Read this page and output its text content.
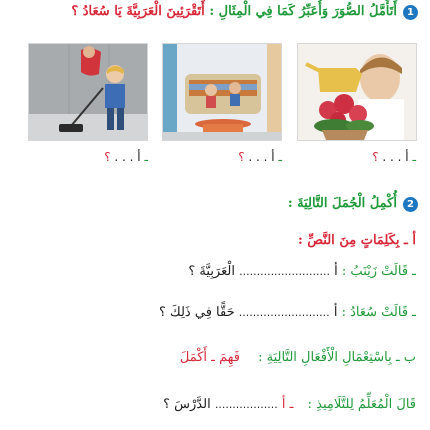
1
أَتَأَمَّلُ الصُّوَرَ وَأُعَبِّرُ كَمَا فِي الْمِثَالِ : أَتَقْرَئِينَ الْعَرَبِيَّةَ يَا سُعَادُ ؟
ـ أ . . . ؟
ـ أ . . . ؟
ـ أ . . . ؟
2
أُكْمِلُ الْجُمَلَ التَّالِيَةَ :
أ ـ بِكَلِمَاتٍ مِنَ النَّصِّ :
ـ قَالَتْ زَيْنَبُ : أ .......................... الْعَرَبِيَّةَ ؟
ـ قَالَتْ سُعَادُ : أ .......................... حَقًّا فِي ذَلِكَ ؟
ب ـ بِاسْتِعْمَالِ الْأَفْعَالِ التَّالِيَةِ : فَهِمَ ـ أَكْمَلَ
قَالَ الْمُعَلِّمُ لِلتَّلَامِيذِ : ـ أ .................. الدَّرْسَ ؟
